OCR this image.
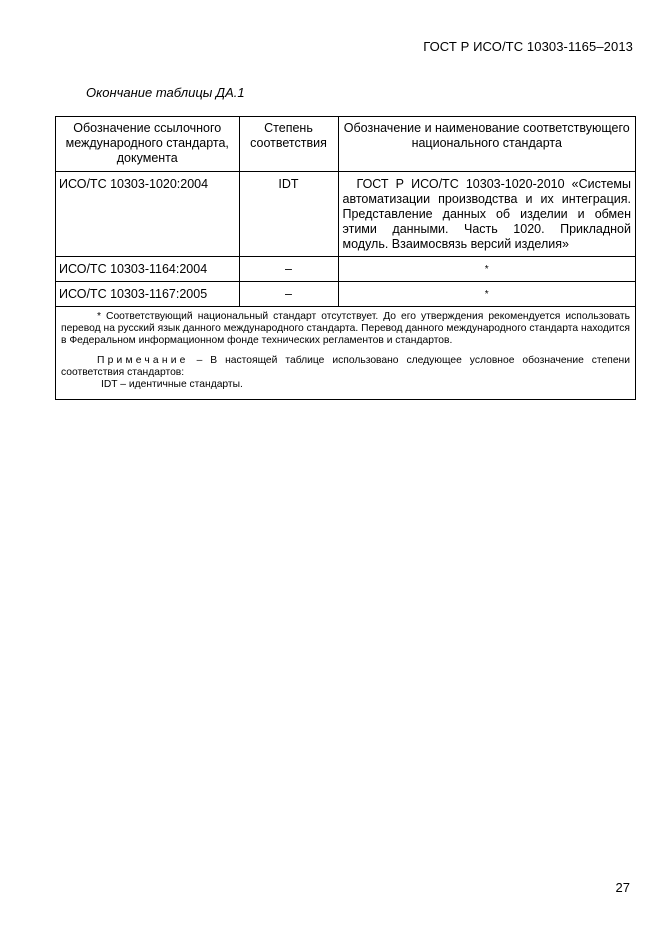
ГОСТ Р ИСО/ТС 10303-1165–2013
Окончание таблицы ДА.1
Обозначение ссылочного международного стандарта, документа	Степень соответствия	Обозначение и наименование соответствующего национального стандарта
ИСО/ТС 10303-1020:2004	IDT	ГОСТ Р ИСО/ТС 10303-1020-2010 «Системы автоматизации производства и их интеграция. Представление данных об изделии и обмен этими данными. Часть 1020. Прикладной модуль. Взаимосвязь версий изделия»
ИСО/ТС 10303-1164:2004	–	*
ИСО/ТС 10303-1167:2005	–	*

* Соответствующий национальный стандарт отсутствует. До его утверждения рекомендуется использовать перевод на русский язык данного международного стандарта. Перевод данного международного стандарта находится в Федеральном информационном фонде технических регламентов и стандартов.

Примечание – В настоящей таблице использовано следующее условное обозначение степени соответствия стандартов:

IDT – идентичные стандарты.		

27
